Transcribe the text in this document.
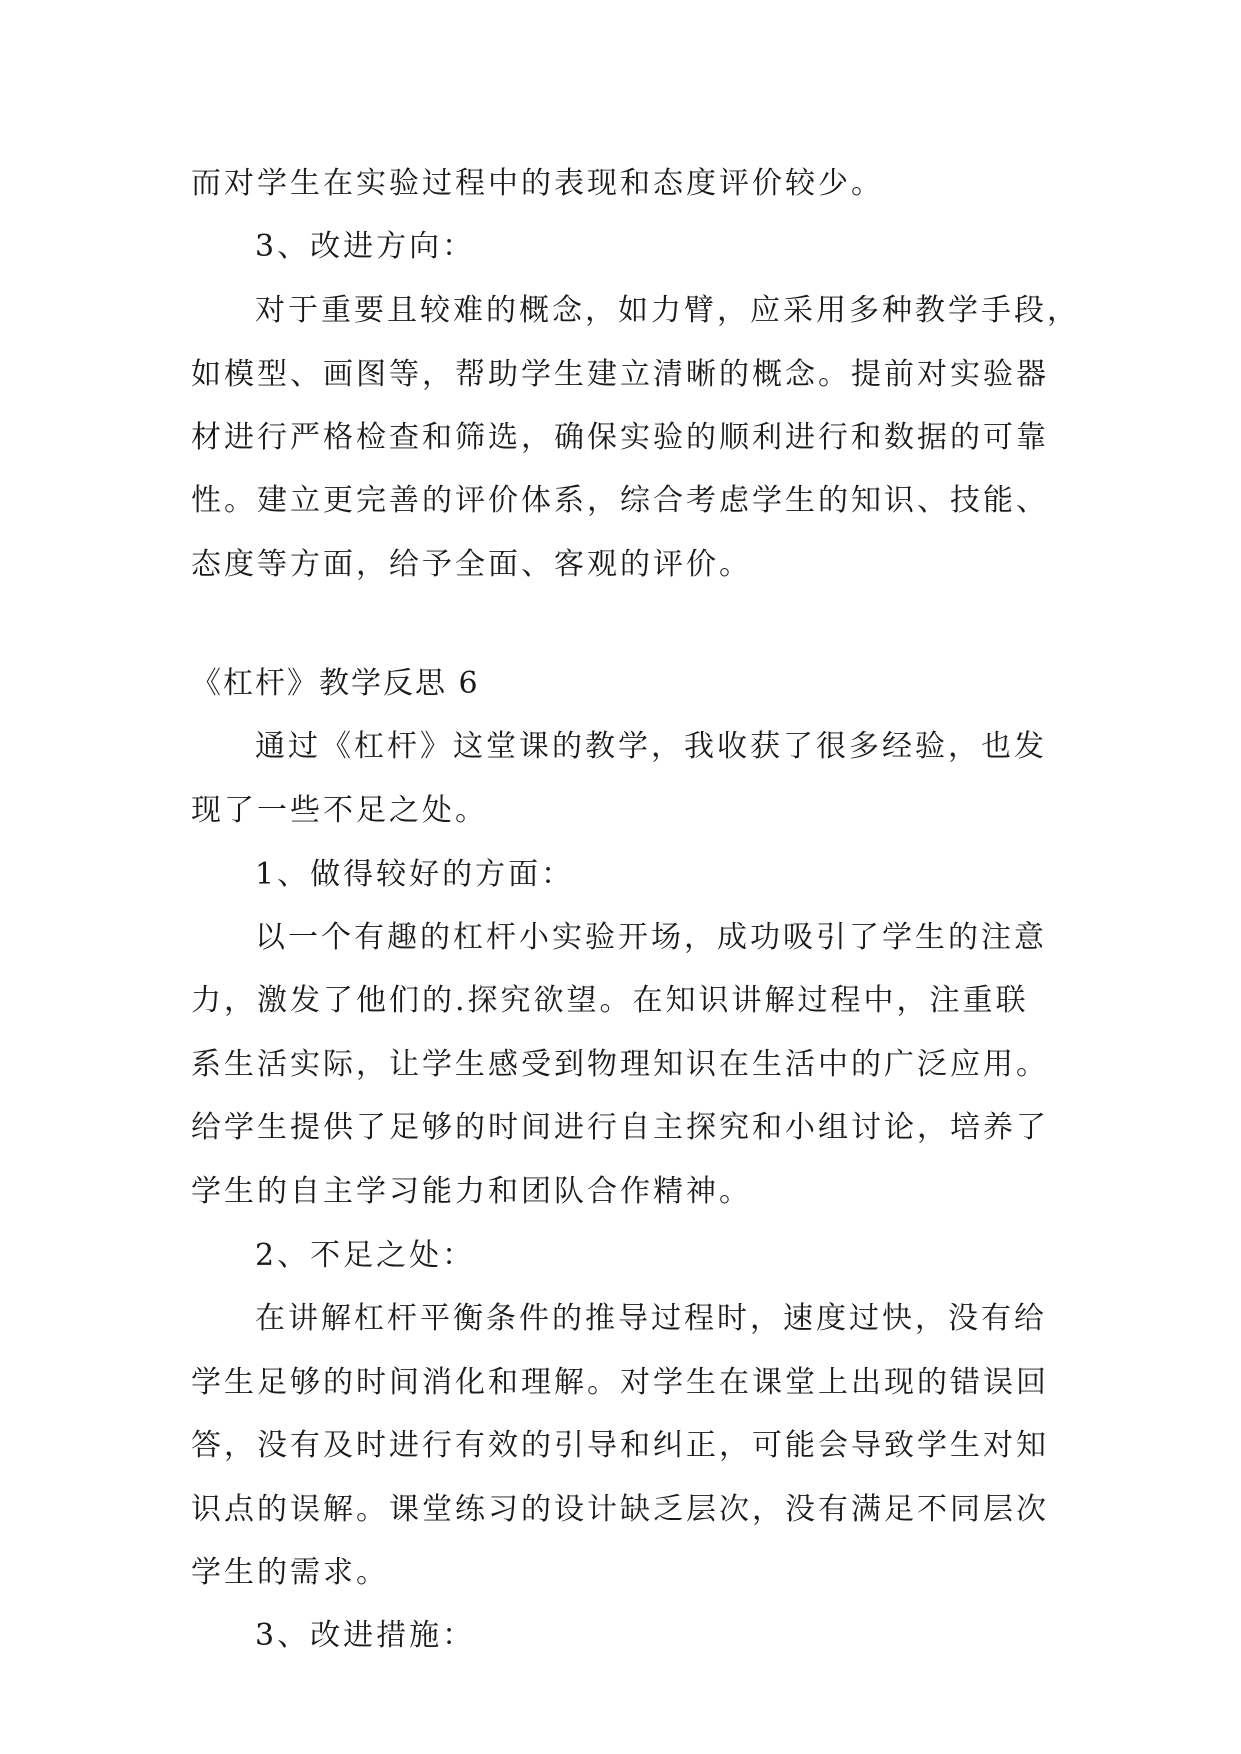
而对学生在实验过程中的表现和态度评价较少。
3、改进方向：
对于重要且较难的概念，如力臂，应采用多种教学手段，
如模型、画图等，帮助学生建立清晰的概念。提前对实验器
材进行严格检查和筛选，确保实验的顺利进行和数据的可靠
性。建立更完善的评价体系，综合考虑学生的知识、技能、
态度等方面，给予全面、客观的评价。
《杠杆》教学反思 6
通过《杠杆》这堂课的教学，我收获了很多经验，也发
现了一些不足之处。
1、做得较好的方面：
以一个有趣的杠杆小实验开场，成功吸引了学生的注意
力，激发了他们的.探究欲望。在知识讲解过程中，注重联
系生活实际，让学生感受到物理知识在生活中的广泛应用。
给学生提供了足够的时间进行自主探究和小组讨论，培养了
学生的自主学习能力和团队合作精神。
2、不足之处：
在讲解杠杆平衡条件的推导过程时，速度过快，没有给
学生足够的时间消化和理解。对学生在课堂上出现的错误回
答，没有及时进行有效的引导和纠正，可能会导致学生对知
识点的误解。课堂练习的设计缺乏层次，没有满足不同层次
学生的需求。
3、改进措施：
